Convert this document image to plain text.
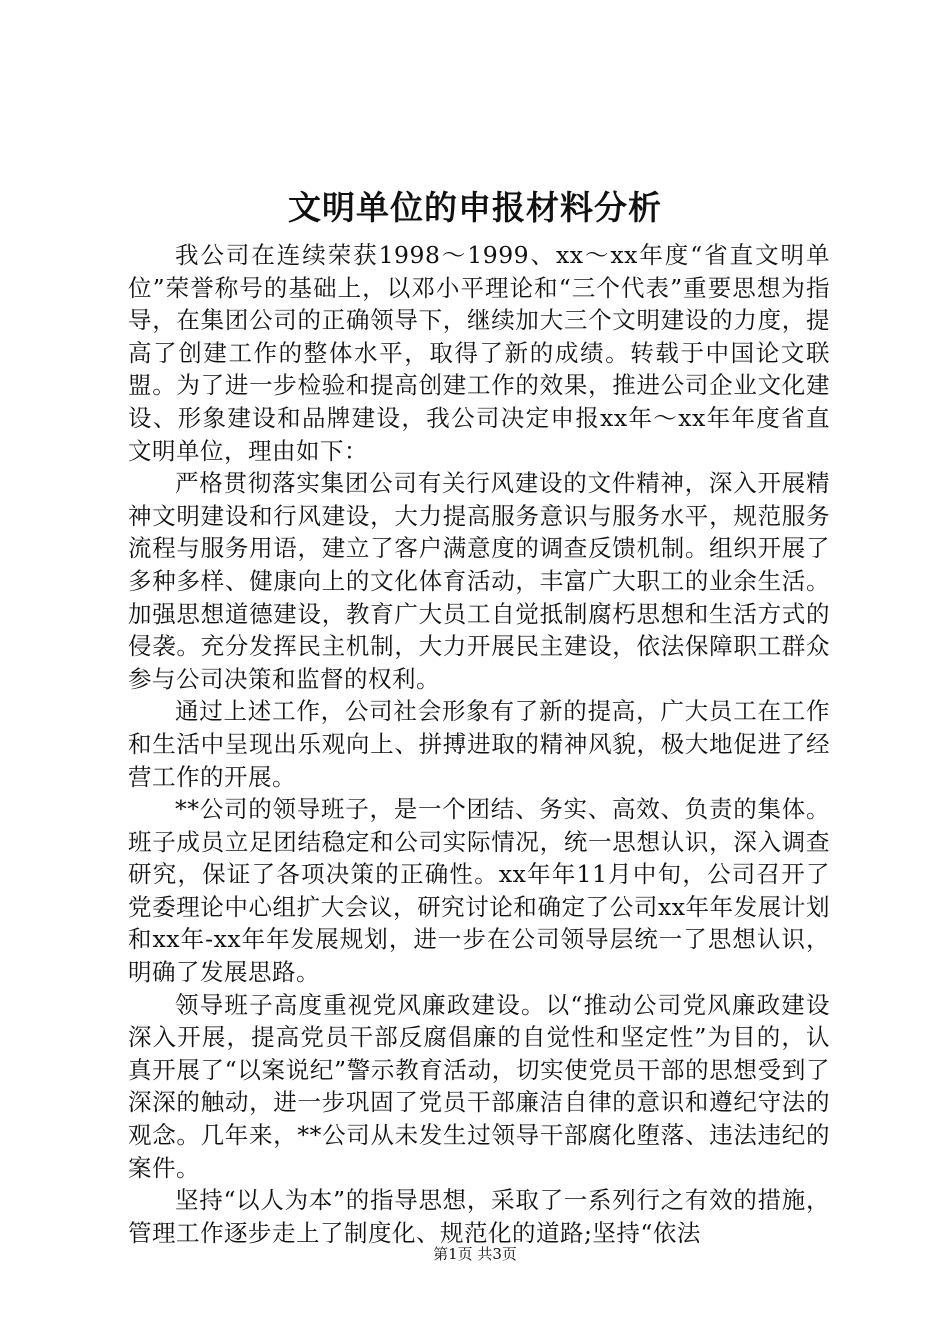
文明单位的申报材料分析

我公司在连续荣获1998～1999、xx～xx年度“省直文明单位”荣誉称号的基础上，以邓小平理论和“三个代表”重要思想为指导，在集团公司的正确领导下，继续加大三个文明建设的力度，提高了创建工作的整体水平，取得了新的成绩。转载于中国论文联盟。为了进一步检验和提高创建工作的效果，推进公司企业文化建设、形象建设和品牌建设，我公司决定申报xx年～xx年年度省直文明单位，理由如下：

严格贯彻落实集团公司有关行风建设的文件精神，深入开展精神文明建设和行风建设，大力提高服务意识与服务水平，规范服务流程与服务用语，建立了客户满意度的调查反馈机制。组织开展了多种多样、健康向上的文化体育活动，丰富广大职工的业余生活。加强思想道德建设，教育广大员工自觉抵制腐朽思想和生活方式的侵袭。充分发挥民主机制，大力开展民主建设，依法保障职工群众参与公司决策和监督的权利。

通过上述工作，公司社会形象有了新的提高，广大员工在工作和生活中呈现出乐观向上、拼搏进取的精神风貌，极大地促进了经营工作的开展。

**公司的领导班子，是一个团结、务实、高效、负责的集体。班子成员立足团结稳定和公司实际情况，统一思想认识，深入调查研究，保证了各项决策的正确性。xx年年11月中旬，公司召开了党委理论中心组扩大会议，研究讨论和确定了公司xx年年发展计划和xx年-xx年年发展规划，进一步在公司领导层统一了思想认识，明确了发展思路。

领导班子高度重视党风廉政建设。以“推动公司党风廉政建设深入开展，提高党员干部反腐倡廉的自觉性和坚定性”为目的，认真开展了“以案说纪”警示教育活动，切实使党员干部的思想受到了深深的触动，进一步巩固了党员干部廉洁自律的意识和遵纪守法的观念。几年来，**公司从未发生过领导干部腐化堕落、违法违纪的案件。

坚持“以人为本”的指导思想，采取了一系列行之有效的措施，管理工作逐步走上了制度化、规范化的道路;坚持“依法

第1页 共3页
